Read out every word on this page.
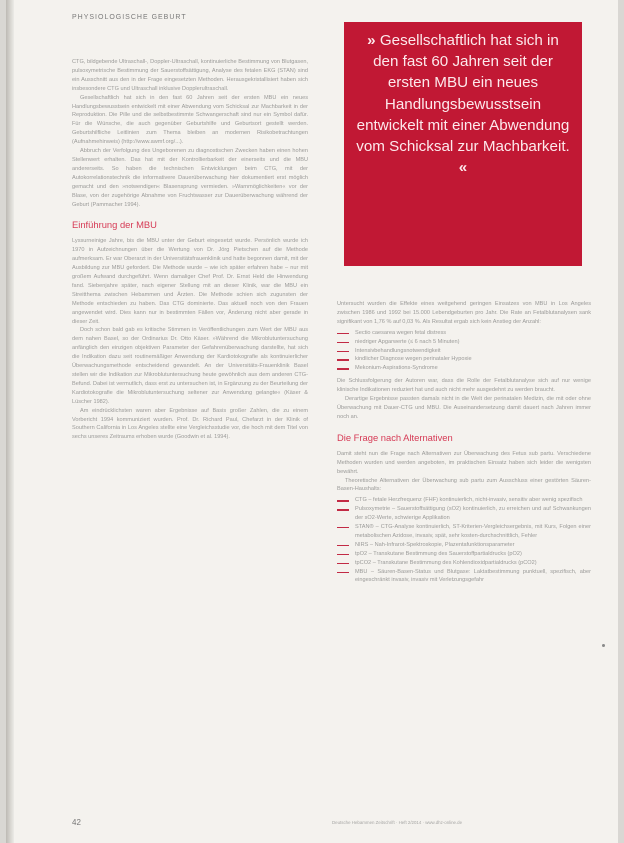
PHYSIOLOGISCHE GEBURT

CTG, bildgebende Ultraschall-, Doppler-Ultraschall, kontinuierliche Bestimmung von Blutgasen, pulsoxymetrische Bestimmung der Sauerstoffsättigung, Analyse des fetalen EKG (STAN) sind ein Ausschnitt aus den in der Frage eingesetzten Methoden. Herausgekristallisiert haben sich insbesondere CTG und Ultraschall inklusive Dopplerultraschall.

Gesellschaftlich hat sich in den fast 60 Jahren seit der ersten MBU ein neues Handlungsbewusstsein entwickelt mit einer Abwendung vom Schicksal zur Machbarkeit in der Reproduktion. Die Pille und die selbstbestimmte Schwangerschaft sind nur ein Symbol dafür. Für die Wünsche, die auch gegenüber Geburtshilfe und Geburtsort gestellt werden. Geburtshilfliche Leitlinien zum Thema bleiben an modernen Risikobetrachtungen (Aufnahmehinweis) (http://www.awmf.org/...).

Abbruch der Verfolgung des Ungeborenen zu diagnostischen Zwecken haben einen hohen Stellenwert erhalten. Das hat mit der Kontrollierbarkeit der einerseits und die MBU andererseits. So haben die technischen Entwicklungen beim CTG, mit der Autokorrelationstechnik die informativere Dauerüberwachung hier dokumentiert erst möglich gemacht und den »notwendigen« Blasensprung vermieden. »Warnmöglichkeiten« vor der Blase, von der zugehörige Abnahme von Fruchtwasser zur Dauerüberwachung während der Geburt (Pammacher 1994).

Einführung der MBU

Lyssurneinige Jahre, bis die MBU unter der Geburt eingesetzt wurde. Persönlich wurde ich 1970 in Aufzeichnungen über die Wertung von Dr. Jörg Pietschen auf die Methode aufmerksam. Er war Oberarzt in der Universitätsfrauenklinik und hatte begonnen damit, mit der Ausbildung zur MBU gefordert. Die Methode wurde – wie ich später erfahren habe – nur mit großem Aufwand durchgeführt. Wenn damaliger Chef Prof. Dr. Ernst Held die Hinwendung fand. Siebenjahre später, nach eigener Stellung mit an dieser Klinik, war die MBU ein Streitthema zwischen Hebammen und Ärzten. Die Methode schien sich zugunsten der Methode entschieden zu haben. Das CTG dominierte. Das aktuell noch von den Frauen angewendet wird. Dies kann nur in bestimmten Fällen vor, Änderung nicht aber gerade in dieser Zeit.

Doch schon bald gab es kritische Stimmen in Veröffentlichungen zum Wert der MBU aus dem nahen Basel, so der Ordinarius Dr. Otto Käser. »Während die Mikroblutuntersuchung anfänglich den einzigen objektiven Parameter der Gefahrenüberwachung darstellte, hat sich die Indikation dazu seit routinemäßiger Anwendung der Kardiotokografie als kontinuierlicher Überwachungsmethode entscheidend gewandelt. An der Universitäts-Frauenklinik Basel stellen wir die Indikation zur Mikroblutuntersuchung heute gewöhnlich aus dem anderen CTG-Befund. Dabei ist vermutlich, dass erst zu untersuchen ist, in Ergänzung zu der Beurteilung der Kardiotokografie die Mikroblutuntersuchung seltener zur Anwendung gelangte« (Käser & Lüscher 1982).

Am eindrücklichsten waren aber Ergebnisse auf Basis großer Zahlen, die zu einem Vorbericht 1994 kommuniziert wurden. Prof. Dr. Richard Paul, Chefarzt in der Klinik of Southern California in Los Angeles stellte eine Vergleichsstudie vor, die hoch mit dem Titel von sechs unseres Zeitraums erhoben wurde (Goodwin et al. 1994).

» Gesellschaftlich hat sich in den fast 60 Jahren seit der ersten MBU ein neues Handlungsbewusstsein entwickelt mit einer Abwendung vom Schicksal zur Machbarkeit. «

Untersucht wurden die Effekte eines weitgehend geringen Einsatzes von MBU in Los Angeles zwischen 1986 und 1992 bei 15.000 Lebendgeburten pro Jahr. Die Rate an Fetalblutanalysen sank signifikant von 1,76 % auf 0,03 %. Als Resultat ergab sich kein Anstieg der Anzahl:

Sectio caesarea wegen fetal distress
niedriger Apgarwerte (≤ 6 nach 5 Minuten)
Intensivbehandlungsnotwendigkeit
kindlicher Diagnose wegen perinataler Hypoxie
Mekonium-Aspirations-Syndrome

Die Schlussfolgerung der Autoren war, dass die Rolle der Fetalblutanalyse sich auf nur wenige klinische Indikationen reduziert hat und auch nicht mehr ausgedehnt zu werden braucht.

Derartige Ergebnisse passten damals nicht in die Welt der perinatalen Medizin, die mit oder ohne Überwachung mit Dauer-CTG und MBU. Die Auseinandersetzung damit dauert nach Jahren immer noch an.

Die Frage nach Alternativen

Damit steht nun die Frage nach Alternativen zur Überwachung des Fetus sub partu. Verschiedene Methoden wurden und werden angeboten, im praktischen Einsatz haben sich leider die wenigsten bewährt.

Theoretische Alternativen der Überwachung sub partu zum Ausschluss einer gestörten Säuren-Basen-Haushalts:

CTG – fetale Herzfrequenz (FHF) kontinuierlich, nicht-invasiv, sensitiv aber wenig spezifisch
Pulsoxymetrie – Sauerstoffsättigung (sO2) kontinuierlich, zu erreichen und auf Schwankungen der sO2-Werte, schwierige Applikation
STAN® – CTG-Analyse kontinuierlich, ST-Kriterien-Vergleichsergebnis, mit Kurs, Folgen einer metabolischen Azidose, invasiv, spät, sehr kosten-durchschnittlich, Fehler
NIRS – Nah-Infrarot-Spektroskopie, Plazentafunktionsparameter
tpO2 – Transkutane Bestimmung des Sauerstoffpartialdrucks (pO2)
tpCO2 – Transkutane Bestimmung des Kohlendioxidpartialdrucks (pCO2)
MBU – Säuren-Basen-Status und Blutgase: Laktatbestimmung punktuell, spezifisch, aber eingeschränkt invasiv, invasiv mit Verletzungsgefahr
42	Deutsche Hebammen Zeitschrift · Heft 2/2014 · www.dhz-online.de
